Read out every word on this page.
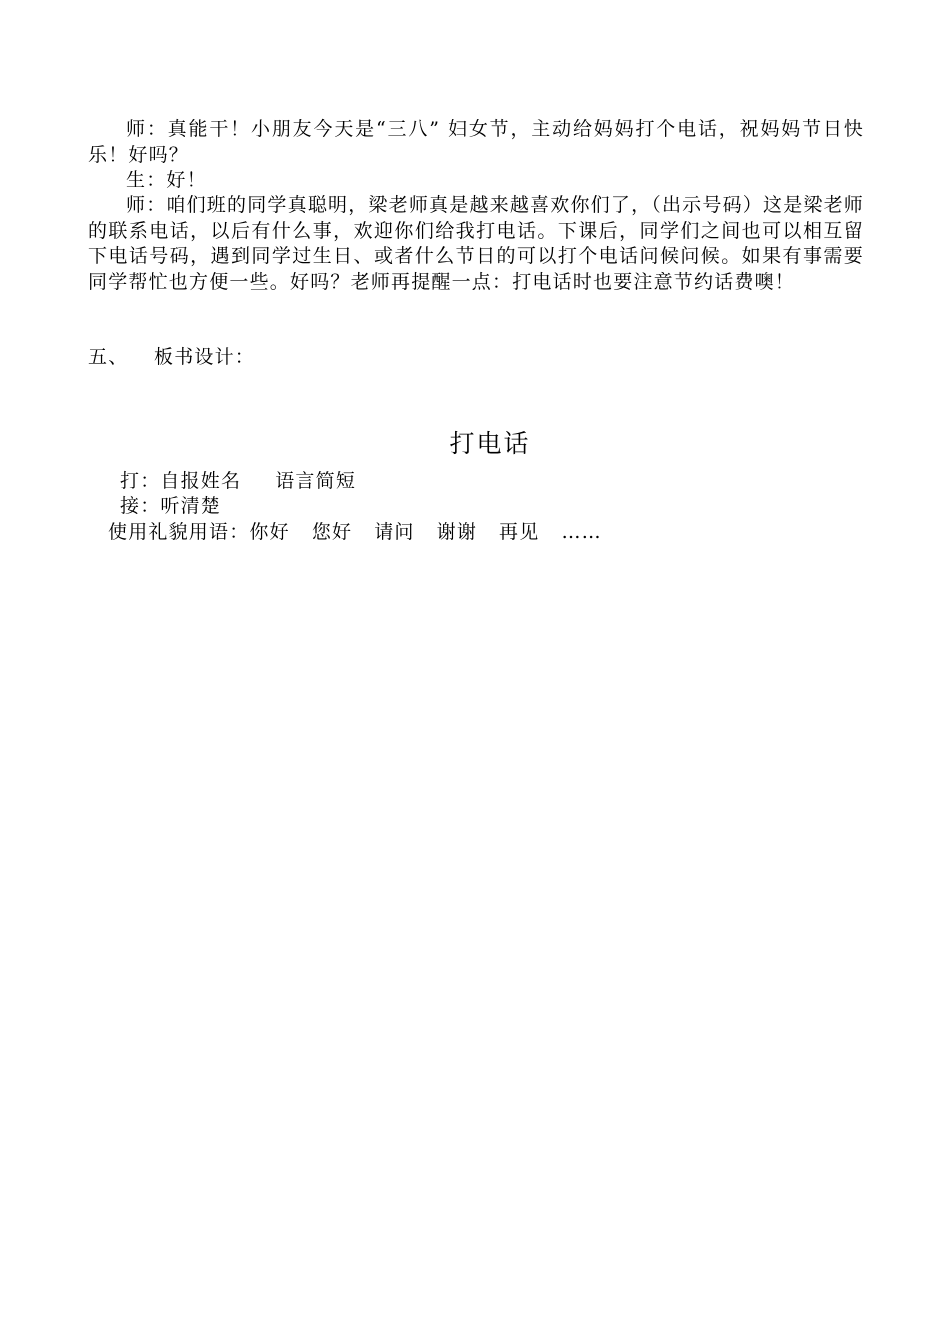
师：真能干！小朋友今天是“三八” 妇女节，主动给妈妈打个电话，祝妈妈节日快乐！好吗？

生：好！

师：咱们班的同学真聪明，梁老师真是越来越喜欢你们了，（出示号码）这是梁老师的联系电话，以后有什么事，欢迎你们给我打电话。下课后，同学们之间也可以相互留下电话号码，遇到同学过生日、或者什么节日的可以打个电话问候问候。如果有事需要同学帮忙也方便一些。好吗？老师再提醒一点：打电话时也要注意节约话费噢！

五、 板书设计：
打电话
打：自报姓名 语言简短
接：听清楚
使用礼貌用语：你好 您好 请问 谢谢 再见 ……
